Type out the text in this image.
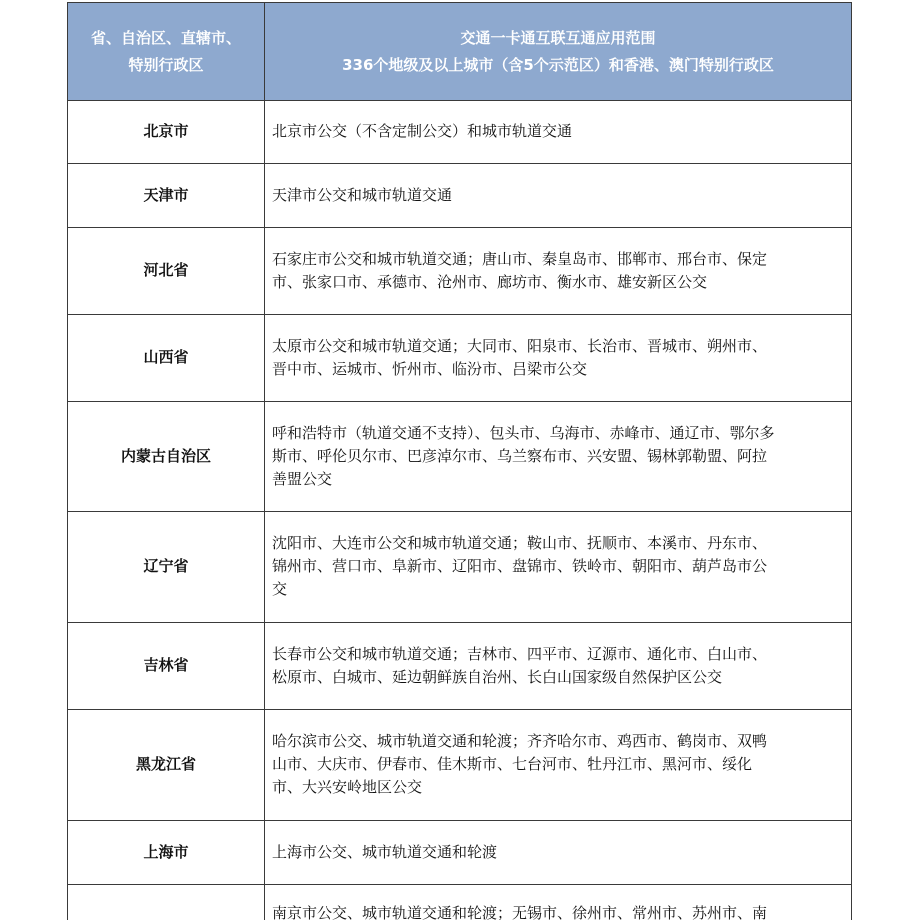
省、自治区、直辖市、
特别行政区	交通一卡通互联互通应用范围
336个地级及以上城市（含5个示范区）和香港、澳门特别行政区

北京市	北京市公交（不含定制公交）和城市轨道交通

天津市	天津市公交和城市轨道交通

河北省	石家庄市公交和城市轨道交通；唐山市、秦皇岛市、邯郸市、邢台市、保定
市、张家口市、承德市、沧州市、廊坊市、衡水市、雄安新区公交

山西省	太原市公交和城市轨道交通；大同市、阳泉市、长治市、晋城市、朔州市、
晋中市、运城市、忻州市、临汾市、吕梁市公交

内蒙古自治区	呼和浩特市（轨道交通不支持）、包头市、乌海市、赤峰市、通辽市、鄂尔多
斯市、呼伦贝尔市、巴彦淖尔市、乌兰察布市、兴安盟、锡林郭勒盟、阿拉
善盟公交

辽宁省	沈阳市、大连市公交和城市轨道交通；鞍山市、抚顺市、本溪市、丹东市、
锦州市、营口市、阜新市、辽阳市、盘锦市、铁岭市、朝阳市、葫芦岛市公
交

吉林省	长春市公交和城市轨道交通；吉林市、四平市、辽源市、通化市、白山市、
松原市、白城市、延边朝鲜族自治州、长白山国家级自然保护区公交

黑龙江省	哈尔滨市公交、城市轨道交通和轮渡；齐齐哈尔市、鸡西市、鹤岗市、双鸭
山市、大庆市、伊春市、佳木斯市、七台河市、牡丹江市、黑河市、绥化
市、大兴安岭地区公交

上海市	上海市公交、城市轨道交通和轮渡

	南京市公交、城市轨道交通和轮渡；无锡市、徐州市、常州市、苏州市、南
